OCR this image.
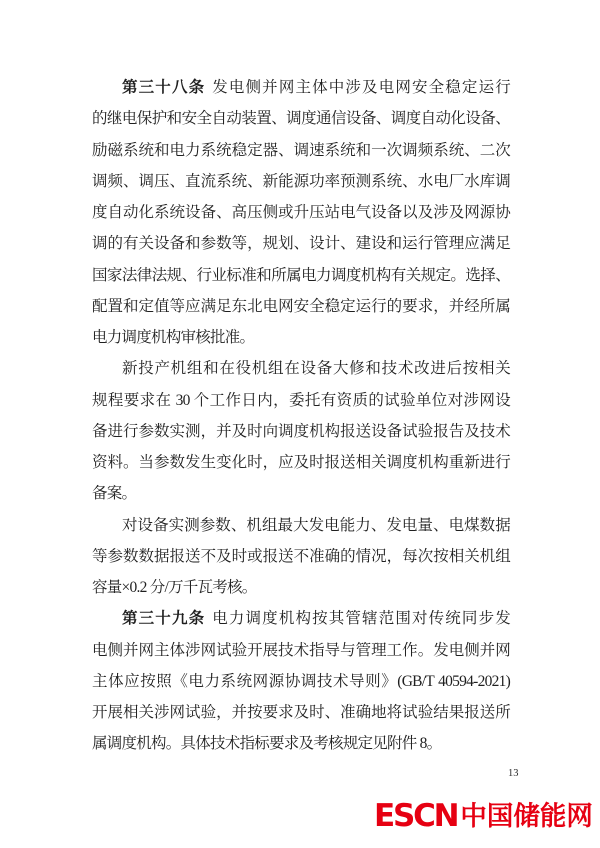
第三十八条 发电侧并网主体中涉及电网安全稳定运行
的继电保护和安全自动装置、调度通信设备、调度自动化设备、
励磁系统和电力系统稳定器、调速系统和一次调频系统、二次
调频、调压、直流系统、新能源功率预测系统、水电厂水库调
度自动化系统设备、高压侧或升压站电气设备以及涉及网源协
调的有关设备和参数等，规划、设计、建设和运行管理应满足
国家法律法规、行业标准和所属电力调度机构有关规定。选择、
配置和定值等应满足东北电网安全稳定运行的要求，并经所属
电力调度机构审核批准。
新投产机组和在役机组在设备大修和技术改进后按相关
规程要求在 30 个工作日内，委托有资质的试验单位对涉网设
备进行参数实测，并及时向调度机构报送设备试验报告及技术
资料。当参数发生变化时，应及时报送相关调度机构重新进行
备案。
对设备实测参数、机组最大发电能力、发电量、电煤数据
等参数数据报送不及时或报送不准确的情况，每次按相关机组
容量×0.2 分/万千瓦考核。
第三十九条 电力调度机构按其管辖范围对传统同步发
电侧并网主体涉网试验开展技术指导与管理工作。发电侧并网
主体应按照《电力系统网源协调技术导则》(GB/T 40594-2021)
开展相关涉网试验，并按要求及时、准确地将试验结果报送所
属调度机构。具体技术指标要求及考核规定见附件 8。
13
ESCN 中国储能网
